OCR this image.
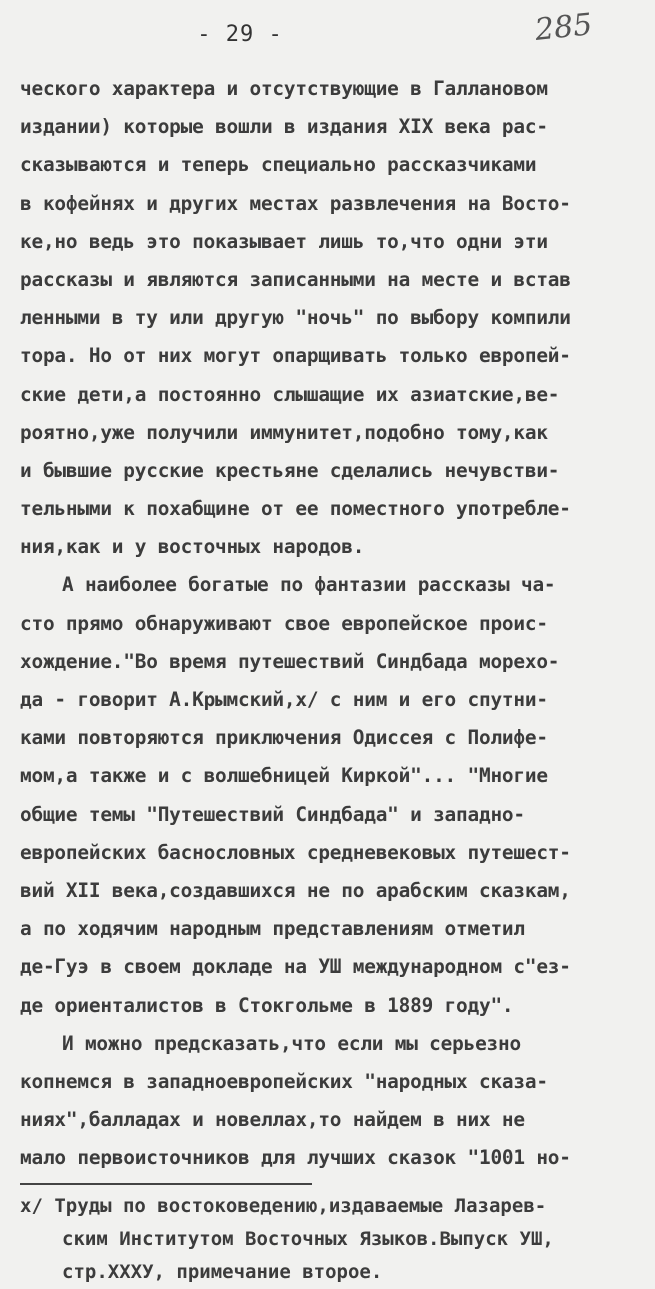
- 29 -	285
ческого характера и отсутствующие в Галлановом
издании) которые вошли в издания XIX века рас-
сказываются и теперь специально рассказчиками
в кофейнях и других местах развлечения на Восто-
ке,но ведь это показывает лишь то,что одни эти
рассказы и являются записанными на месте и встав
ленными в ту или другую "ночь" по выбору компили
тора. Но от них могут опарщивать только европей-
ские дети,а постоянно слышащие их азиатские,ве-
роятно,уже получили иммунитет,подобно тому,как
и бывшие русские крестьяне сделались нечувстви-
тельными к похабщине от ее поместного употребле-
ния,как и у восточных народов.
А наиболее богатые по фантазии рассказы ча-
сто прямо обнаруживают свое европейское проис-
хождение."Во время путешествий Синдбада морехо-
да - говорит А.Крымский,x/ с ним и его спутни-
ками повторяются приключения Одиссея с Полифе-
мом,а также и с волшебницей Киркой"... "Многие
общие темы "Путешествий Синдбада" и западно-
европейских баснословных средневековых путешест-
вий XII века,создавшихся не по арабским сказкам,
а по ходячим народным представлениям отметил
де-Гуэ в своем докладе на УШ международном с"ез-
де ориенталистов в Стокгольме в 1889 году".
И можно предсказать,что если мы серьезно
копнемся в западноевропейских "народных сказа-
ниях",балладах и новеллах,то найдем в них не
мало первоисточников для лучших сказок "1001 но-
x/ Труды по востоковедению,издаваемые Лазарев-
ским Институтом Восточных Языков.Выпуск УШ,
стр.XXXУ, примечание второе.
